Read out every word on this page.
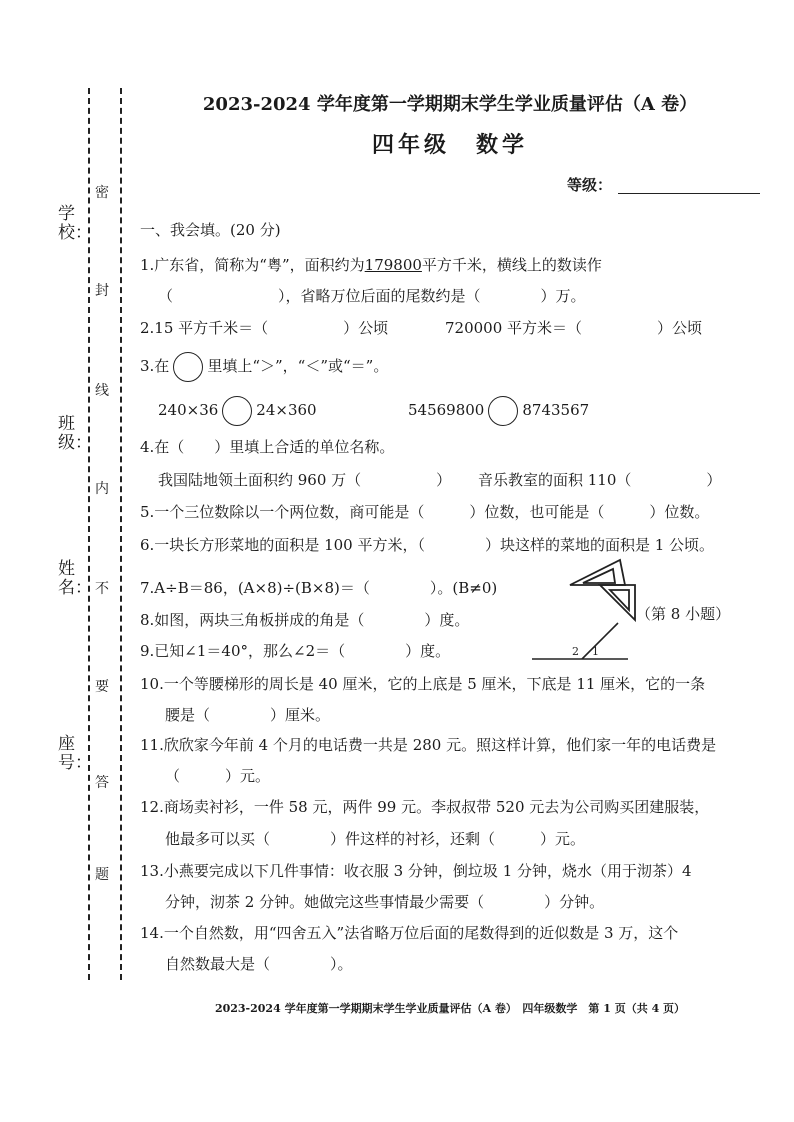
学校：
班级：
姓名：
座号：
密
封
线
内
不
要
答
题
2023-2024 学年度第一学期期末学生学业质量评估（A 卷）
四年级　数学
等级：
一、我会填。(20 分)
1.广东省，简称为“粤”，面积约为179800平方千米，横线上的数读作
（　　　　　　　），省略万位后面的尾数约是（　　　　）万。
2.15 平方千米＝（　　　　　）公顷	720000 平方米＝（　　　　　）公顷
3.在	里填上“＞”，“＜”或“＝”。
240×36	24×360	54569800	8743567
4.在（　　）里填上合适的单位名称。
我国陆地领土面积约 960 万（　　　　　） 音乐教室的面积 110（　　　　　）
5.一个三位数除以一个两位数，商可能是（　　　）位数，也可能是（　　　）位数。
6.一块长方形菜地的面积是 100 平方米，（　　　　）块这样的菜地的面积是 1 公顷。
7.A÷B＝86，(A×8)÷(B×8)＝（　　　　）。(B≠0)
8.如图，两块三角板拼成的角是（　　　　）度。	（第 8 小题）
2 1
9.已知∠1＝40°，那么∠2＝（　　　　）度。
10.一个等腰梯形的周长是 40 厘米，它的上底是 5 厘米，下底是 11 厘米，它的一条
腰是（　　　　）厘米。
11.欣欣家今年前 4 个月的电话费一共是 280 元。照这样计算，他们家一年的电话费是
（　　　）元。
12.商场卖衬衫，一件 58 元，两件 99 元。李叔叔带 520 元去为公司购买团建服装，
他最多可以买（　　　　）件这样的衬衫，还剩（　　　）元。
13.小燕要完成以下几件事情：收衣服 3 分钟，倒垃圾 1 分钟，烧水（用于沏茶）4
分钟，沏茶 2 分钟。她做完这些事情最少需要（　　　　）分钟。
14.一个自然数，用“四舍五入”法省略万位后面的尾数得到的近似数是 3 万，这个
自然数最大是（　　　　）。
2023-2024 学年度第一学期期末学生学业质量评估（A 卷）　四年级数学　第 1 页（共 4 页）
